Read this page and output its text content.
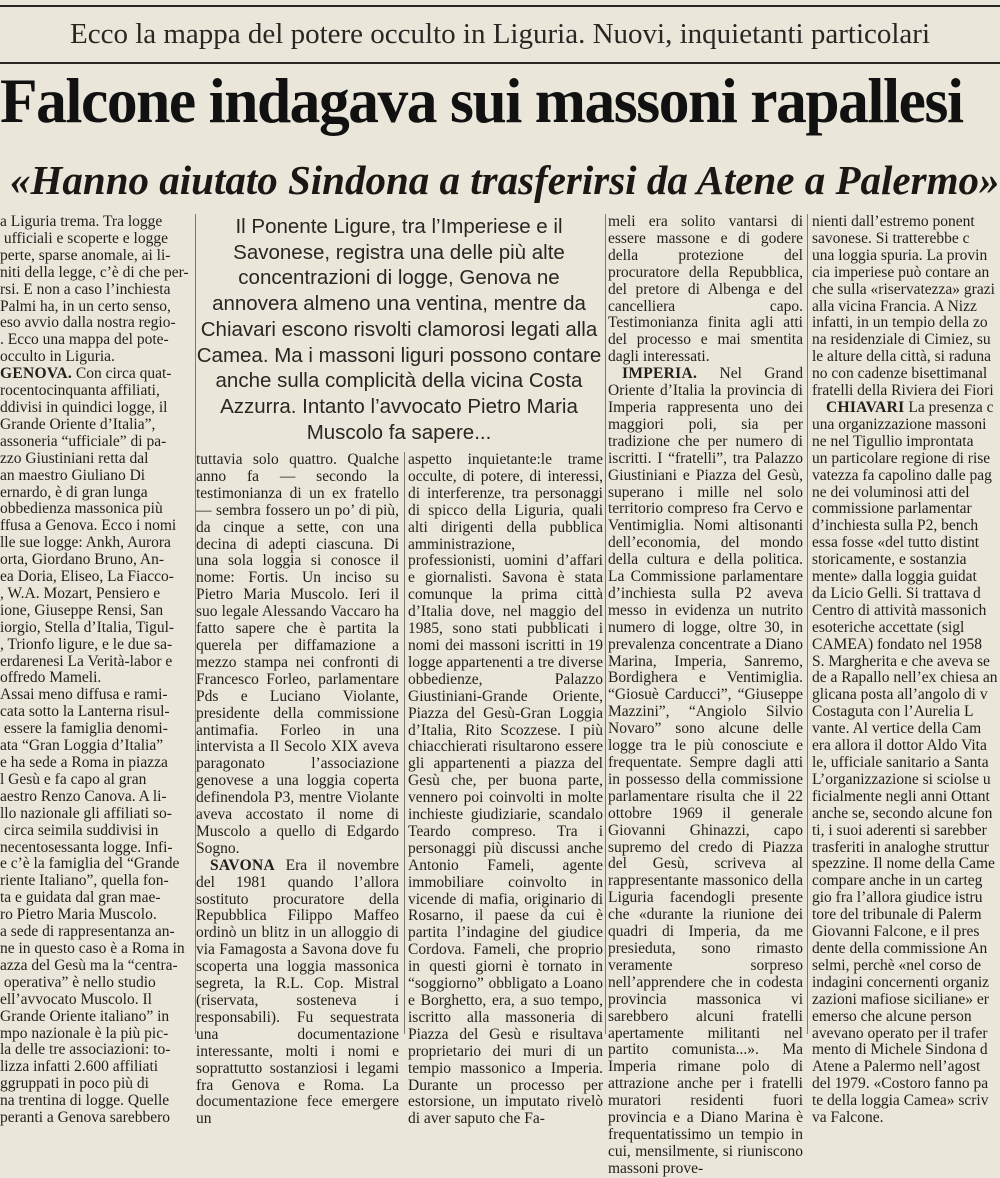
Ecco la mappa del potere occulto in Liguria. Nuovi, inquietanti particolari
Falcone indagava sui massoni rapallesi
«Hanno aiutato Sindona a trasferirsi da Atene a Palermo»

a Liguria trema. Tra logge
ufficiali e scoperte e logge
perte, sparse anomale, ai li-
niti della legge, c’è di che per-
rsi. E non a caso l’inchiesta
Palmi ha, in un certo senso,
eso avvio dalla nostra regio-
. Ecco una mappa del pote-
occulto in Liguria.

GENOVA. Con circa quat-
rocentocinquanta affiliati,
ddivisi in quindici logge, il
Grande Oriente d’Italia”,
assoneria “ufficiale” di pa-
zzo Giustiniani retta dal
an maestro Giuliano Di
ernardo, è di gran lunga
obbedienza massonica più
ffusa a Genova. Ecco i nomi
lle sue logge: Ankh, Aurora
orta, Giordano Bruno, An-
ea Doria, Eliseo, La Fiacco-
, W.A. Mozart, Pensiero e
ione, Giuseppe Rensi, San
iorgio, Stella d’Italia, Tigul-
, Trionfo ligure, e le due sa-
erdarenesi La Verità-labor e
offredo Mameli.

Assai meno diffusa e rami-
cata sotto la Lanterna risul-
essere la famiglia denomi-
ata “Gran Loggia d’Italia”
e ha sede a Roma in piazza
l Gesù e fa capo al gran
aestro Renzo Canova. A li-
llo nazionale gli affiliati so-
circa seimila suddivisi in
necentosessanta logge. Infi-
e c’è la famiglia del “Grande
riente Italiano”, quella fon-
ta e guidata dal gran mae-
ro Pietro Maria Muscolo.
a sede di rappresentanza an-
ne in questo caso è a Roma in
azza del Gesù ma la “centra-
operativa” è nello studio
ell’avvocato Muscolo. Il
Grande Oriente italiano” in
mpo nazionale è la più pic-
la delle tre associazioni: to-
lizza infatti 2.600 affiliati
ggruppati in poco più di
na trentina di logge. Quelle
peranti a Genova sarebbero

Il Ponente Ligure, tra l’Imperiese e il Savonese, registra una delle più alte concentrazioni di logge, Genova ne annovera almeno una ventina, mentre da Chiavari escono risvolti clamorosi legati alla Camea. Ma i massoni liguri possono contare anche sulla complicità della vicina Costa Azzurra. Intanto l’avvocato Pietro Maria Muscolo fa sapere...

tuttavia solo quattro. Qualche anno fa — secondo la testimonianza di un ex fratello — sembra fossero un po’ di più, da cinque a sette, con una decina di adepti ciascuna. Di una sola loggia si conosce il nome: Fortis. Un inciso su Pietro Maria Muscolo. Ieri il suo legale Alessando Vaccaro ha fatto sapere che è partita la querela per diffamazione a mezzo stampa nei confronti di Francesco Forleo, parlamentare Pds e Luciano Violante, presidente della commissione antimafia. Forleo in una intervista a Il Secolo XIX aveva paragonato l’associazione genovese a una loggia coperta definendola P3, mentre Violante aveva accostato il nome di Muscolo a quello di Edgardo Sogno.

SAVONA Era il novembre del 1981 quando l’allora sostituto procuratore della Repubblica Filippo Maffeo ordinò un blitz in un alloggio di via Famagosta a Savona dove fu scoperta una loggia massonica segreta, la R.L. Cop. Mistral (riservata, sosteneva i responsabili). Fu sequestrata una documentazione interessante, molti i nomi e soprattutto sostanziosi i legami fra Genova e Roma. La documentazione fece emergere un

aspetto inquietante:le trame occulte, di potere, di interessi, di interferenze, tra personaggi di spicco della Liguria, quali alti dirigenti della pubblica amministrazione, professionisti, uomini d’affari e giornalisti. Savona è stata comunque la prima città d’Italia dove, nel maggio del 1985, sono stati pubblicati i nomi dei massoni iscritti in 19 logge appartenenti a tre diverse obbedienze, Palazzo Giustiniani-Grande Oriente, Piazza del Gesù-Gran Loggia d’Italia, Rito Scozzese. I più chiacchierati risultarono essere gli appartenenti a piazza del Gesù che, per buona parte, vennero poi coinvolti in molte inchieste giudiziarie, scandalo Teardo compreso. Tra i personaggi più discussi anche Antonio Fameli, agente immobiliare coinvolto in vicende di mafia, originario di Rosarno, il paese da cui è partita l’indagine del giudice Cordova. Fameli, che proprio in questi giorni è tornato in “soggiorno” obbligato a Loano e Borghetto, era, a suo tempo, iscritto alla massoneria di Piazza del Gesù e risultava proprietario dei muri di un tempio massonico a Imperia. Durante un processo per estorsione, un imputato rivelò di aver saputo che Fa-

meli era solito vantarsi di essere massone e di godere della protezione del procuratore della Repubblica, del pretore di Albenga e del cancelliera capo. Testimonianza finita agli atti del processo e mai smentita dagli interessati.

IMPERIA. Nel Grand Oriente d’Italia la provincia di Imperia rappresenta uno dei maggiori poli, sia per tradizione che per numero di iscritti. I “fratelli”, tra Palazzo Giustiniani e Piazza del Gesù, superano i mille nel solo territorio compreso fra Cervo e Ventimiglia. Nomi altisonanti dell’economia, del mondo della cultura e della politica. La Commissione parlamentare d’inchiesta sulla P2 aveva messo in evidenza un nutrito numero di logge, oltre 30, in prevalenza concentrate a Diano Marina, Imperia, Sanremo, Bordighera e Ventimiglia. “Giosuè Carducci”, “Giuseppe Mazzini”, “Angiolo Silvio Novaro” sono alcune delle logge tra le più conosciute e frequentate. Sempre dagli atti in possesso della commissione parlamentare risulta che il 22 ottobre 1969 il generale Giovanni Ghinazzi, capo supremo del credo di Piazza del Gesù, scriveva al rappresentante massonico della Liguria facendogli presente che «durante la riunione dei quadri di Imperia, da me presieduta, sono rimasto veramente sorpreso nell’apprendere che in codesta provincia massonica vi sarebbero alcuni fratelli apertamente militanti nel partito comunista...». Ma Imperia rimane polo di attrazione anche per i fratelli muratori residenti fuori provincia e a Diano Marina è frequentatissimo un tempio in cui, mensilmente, si riuniscono massoni prove-

nienti dall’estremo ponent
savonese. Si tratterebbe c
una loggia spuria. La provin
cia imperiese può contare an
che sulla «riservatezza» grazi
alla vicina Francia. A Nizz
infatti, in un tempio della zo
na residenziale di Cimiez, su
le alture della città, si raduna
no con cadenze bisettimanal
fratelli della Riviera dei Fiori

CHIAVARI La presenza c
una organizzazione massoni
ne nel Tigullio improntata
un particolare regione di rise
vatezza fa capolino dalle pag
ne dei voluminosi atti del
commissione parlamentar
d’inchiesta sulla P2, bench
essa fosse «del tutto distint
storicamente, e sostanzia
mente» dalla loggia guidat
da Licio Gelli. Si trattava d
Centro di attività massonich
esoteriche accettate (sigl
CAMEA) fondato nel 1958
S. Margherita e che aveva se
de a Rapallo nell’ex chiesa an
glicana posta all’angolo di v
Costaguta con l’Aurelia L
vante. Al vertice della Cam
era allora il dottor Aldo Vita
le, ufficiale sanitario a Santa
L’organizzazione si sciolse u
ficialmente negli anni Ottant
anche se, secondo alcune fon
ti, i suoi aderenti si sarebber
trasferiti in analoghe struttur
spezzine. Il nome della Came
compare anche in un carteg
gio fra l’allora giudice istru
tore del tribunale di Palerm
Giovanni Falcone, e il pres
dente della commissione An
selmi, perchè «nel corso de
indagini concernenti organiz
zazioni mafiose siciliane» er
emerso che alcune person
avevano operato per il trafer
mento di Michele Sindona d
Atene a Palermo nell’agost
del 1979. «Costoro fanno pa
te della loggia Camea» scriv
va Falcone.
